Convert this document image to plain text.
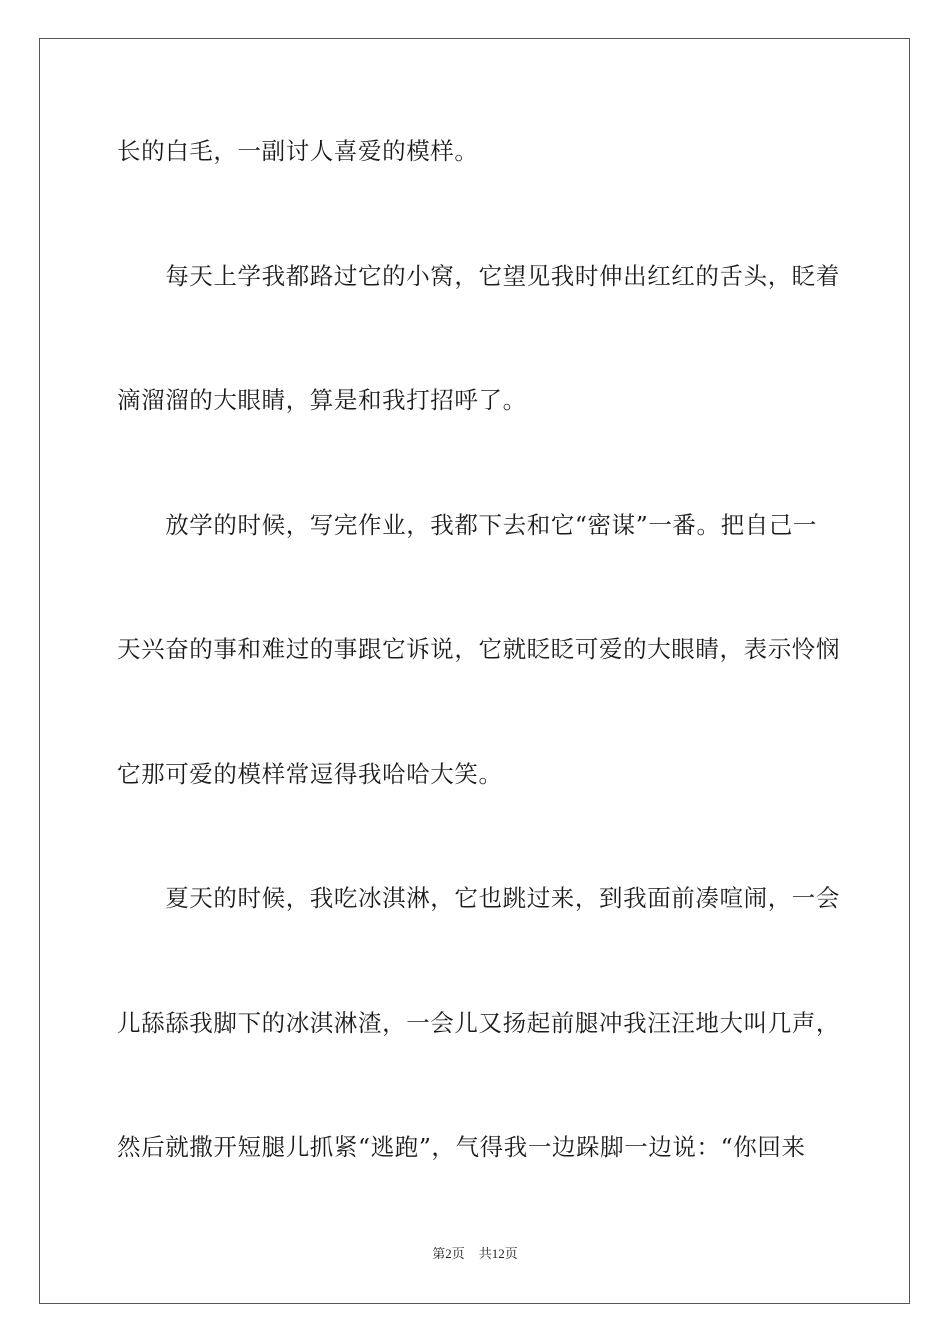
长的白毛，一副讨人喜爱的模样。
　　每天上学我都路过它的小窝，它望见我时伸出红红的舌头，眨着
滴溜溜的大眼睛，算是和我打招呼了。
　　放学的时候，写完作业，我都下去和它“密谋”一番。把自己一
天兴奋的事和难过的事跟它诉说，它就眨眨可爱的大眼睛，表示怜悯
它那可爱的模样常逗得我哈哈大笑。
　　夏天的时候，我吃冰淇淋，它也跳过来，到我面前凑喧闹，一会
儿舔舔我脚下的冰淇淋渣，一会儿又扬起前腿冲我汪汪地大叫几声，
然后就撒开短腿儿抓紧“逃跑”，气得我一边跺脚一边说：“你回来
第2页 共12页
